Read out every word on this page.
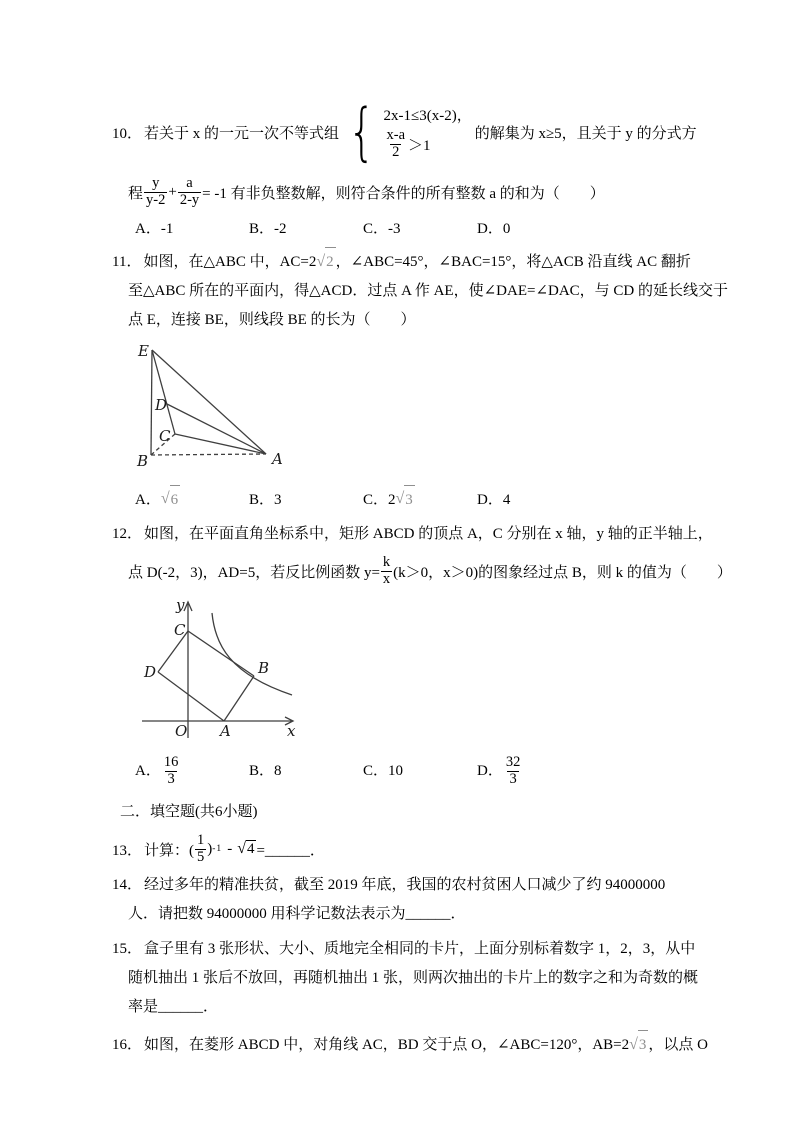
10． 若关于 x 的一元一次不等式组 { 2x-1≤3(x-2)，
$\frac{x-a}{2} >1$
的解集为 x≥5，且关于 y 的分式方
程 $\frac{y}{y-2} + \frac{a}{2-y} = -1$ 有非负整数解，则符合条件的所有整数 a 的和为（　　）
A．-1	B．-2	C．-3	D．0
11． 如图，在△ABC 中，AC=2 √ 2 ，∠ABC=45°，∠BAC=15°，将△ACB 沿直线 AC 翻折
至△ABC 所在的平面内，得△ACD．过点 A 作 AE，使∠DAE=∠DAC，与 CD 的延长线交于
点 E，连接 BE，则线段 BE 的长为（　　）
E
D
C
B	A
A． √ 6	B．3	C．2 √ 3	D．4
12． 如图，在平面直角坐标系中，矩形 ABCD 的顶点 A，C 分别在 x 轴，y 轴的正半轴上，
点 D(-2，3)，AD=5，若反比例函数 $y= \frac{k}{x} (k>0$，x＞0)的图象经过点 B，则 k 的值为（　　）
y
C
D	B
O A	x
A． $\frac{16}{3}$	B．8	C．10	D． $\frac{32}{3}$
二．填空题(共6小题)
13． 计算：( $\frac{1}{5}$ ) -1 - √ 4 =______．
14． 经过多年的精准扶贫，截至 2019 年底，我国的农村贫困人口减少了约 94000000
人．请把数 94000000 用科学记数法表示为______．
15． 盒子里有 3 张形状、大小、质地完全相同的卡片，上面分别标着数字 1，2，3，从中
随机抽出 1 张后不放回，再随机抽出 1 张，则两次抽出的卡片上的数字之和为奇数的概
率是______．
16． 如图，在菱形 ABCD 中，对角线 AC，BD 交于点 O，∠ABC=120°，AB=2 √ 3 ，以点 O
